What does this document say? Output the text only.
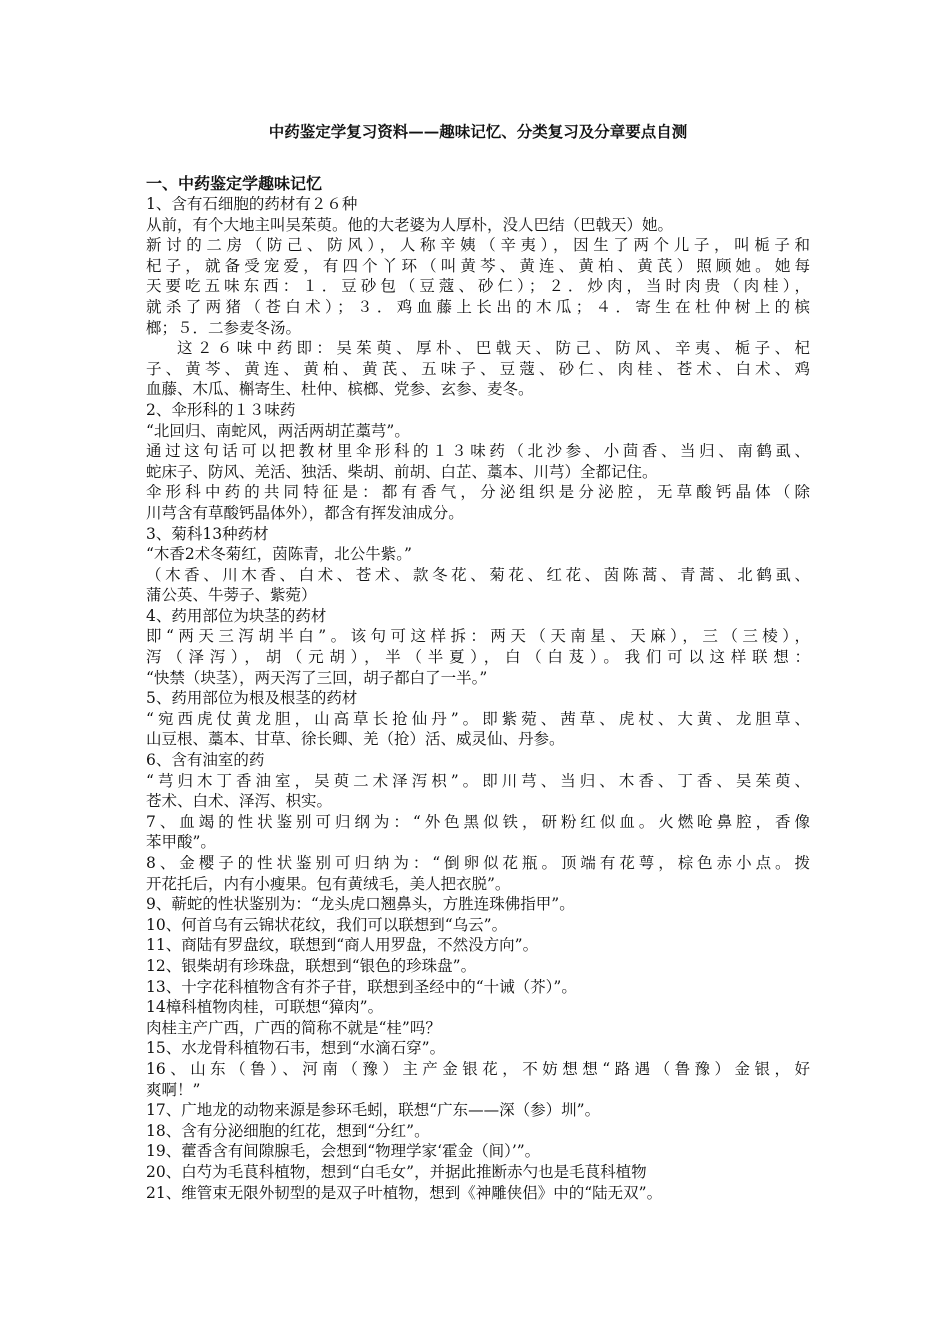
中药鉴定学复习资料——趣味记忆、分类复习及分章要点自测
一、中药鉴定学趣味记忆

1、含有石细胞的药材有２６种

从前，有个大地主叫吴茱萸。他的大老婆为人厚朴，没人巴结（巴戟天）她。

新讨的二房（防己、防风），人称辛姨（辛夷），因生了两个儿子，叫栀子和

杞子，就备受宠爱，有四个丫环（叫黄芩、黄连、黄柏、黄芪）照顾她。她每

天要吃五味东西：１．豆砂包（豆蔻、砂仁）；２．炒肉，当时肉贵（肉桂），

就杀了两猪（苍白术）；３．鸡血藤上长出的木瓜；４．寄生在杜仲树上的槟

榔；５．二参麦冬汤。

这２６味中药即：吴茱萸、厚朴、巴戟天、防己、防风、辛夷、栀子、杞

子、黄芩、黄连、黄柏、黄芪、五味子、豆蔻、砂仁、肉桂、苍术、白术、鸡

血藤、木瓜、槲寄生、杜仲、槟榔、党参、玄参、麦冬。

2、伞形科的１３味药

“北回归、南蛇风，两活两胡芷藁芎”。

通过这句话可以把教材里伞形科的１３味药（北沙参、小茴香、当归、南鹤虱、

蛇床子、防风、羌活、独活、柴胡、前胡、白芷、藁本、川芎）全都记住。

伞形科中药的共同特征是：都有香气，分泌组织是分泌腔，无草酸钙晶体（除

川芎含有草酸钙晶体外），都含有挥发油成分。

3、菊科13种药材

“木香2术冬菊红，茵陈青，北公牛紫。”

（木香、川木香、白术、苍术、款冬花、菊花、红花、茵陈蒿、青蒿、北鹤虱、

蒲公英、牛蒡子、紫菀）

4、药用部位为块茎的药材

即“两天三泻胡半白”。该句可这样拆：两天（天南星、天麻），三（三棱），

泻（泽泻），胡（元胡），半（半夏），白（白芨）。我们可以这样联想：

“快禁（块茎），两天泻了三回，胡子都白了一半。”

5、药用部位为根及根茎的药材

“宛西虎仗黄龙胆，山高草长抢仙丹”。即紫菀、茜草、虎杖、大黄、龙胆草、

山豆根、藁本、甘草、徐长卿、羌（抢）活、威灵仙、丹参。

6、含有油室的药

“芎归木丁香油室，吴萸二术泽泻枳”。即川芎、当归、木香、丁香、吴茱萸、

苍术、白术、泽泻、枳实。

7、血竭的性状鉴别可归纲为：“外色黑似铁，研粉红似血。火燃呛鼻腔，香像

苯甲酸”。

8、金樱子的性状鉴别可归纳为：“倒卵似花瓶。顶端有花萼，棕色赤小点。拨

开花托后，内有小瘦果。包有黄绒毛，美人把衣脱”。

9、蕲蛇的性状鉴别为：“龙头虎口翘鼻头，方胜连珠佛指甲”。

10、何首乌有云锦状花纹，我们可以联想到“乌云”。

11、商陆有罗盘纹，联想到“商人用罗盘，不然没方向”。

12、银柴胡有珍珠盘，联想到“银色的珍珠盘”。

13、十字花科植物含有芥子苷，联想到圣经中的“十诫（芥）”。

14樟科植物肉桂，可联想“獐肉”。

肉桂主产广西，广西的简称不就是“桂”吗？

15、水龙骨科植物石韦，想到“水滴石穿”。

16、山东（鲁）、河南（豫）主产金银花，不妨想想“路遇（鲁豫）金银，好

爽啊！”

17、广地龙的动物来源是参环毛蚓，联想“广东——深（参）圳”。

18、含有分泌细胞的红花，想到“分红”。

19、藿香含有间隙腺毛，会想到“物理学家‘霍金（间）’”。

20、白芍为毛茛科植物，想到“白毛女”，并据此推断赤勺也是毛茛科植物

21、维管束无限外韧型的是双子叶植物，想到《神雕侠侣》中的“陆无双”。
